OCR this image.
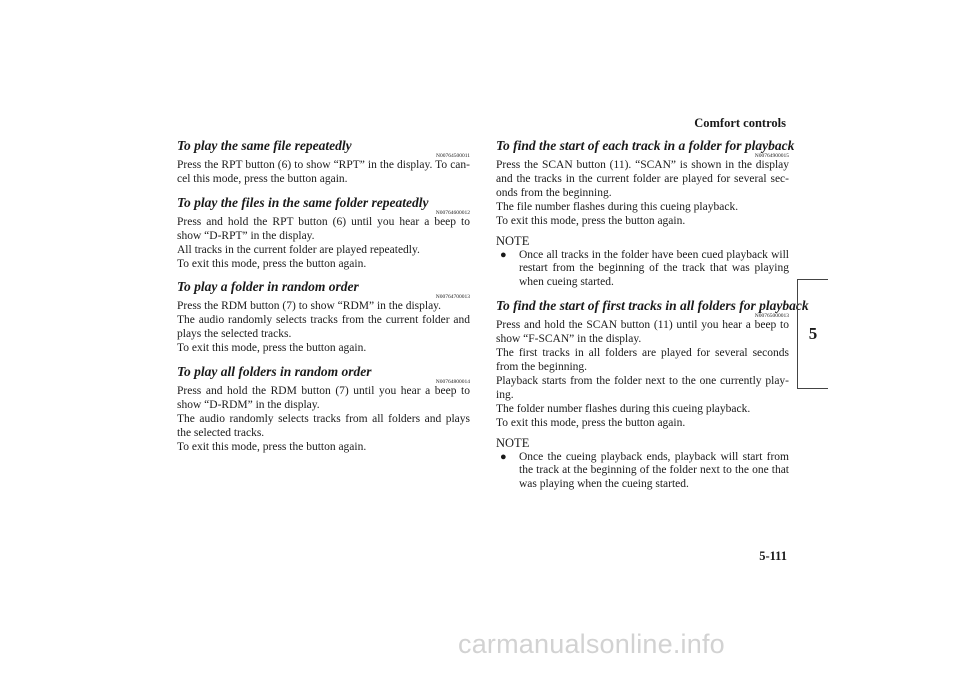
Comfort controls
To play the same file repeatedly
N00764500011

Press the RPT button (6) to show “RPT” in the display. To can-cel this mode, press the button again.

To play the files in the same folder repeatedly
N00764600012

Press and hold the RPT button (6) until you hear a beep to show “D-RPT” in the display.

All tracks in the current folder are played repeatedly.

To exit this mode, press the button again.

To play a folder in random order
N00764700013

Press the RDM button (7) to show “RDM” in the display.

The audio randomly selects tracks from the current folder and plays the selected tracks.

To exit this mode, press the button again.

To play all folders in random order
N00764800014

Press and hold the RDM button (7) until you hear a beep to show “D-RDM” in the display.

The audio randomly selects tracks from all folders and plays the selected tracks.

To exit this mode, press the button again.

To find the start of each track in a folder for playback
N00764900015

Press the SCAN button (11). “SCAN” is shown in the display and the tracks in the current folder are played for several sec-onds from the beginning.

The file number flashes during this cueing playback.

To exit this mode, press the button again.

NOTE
● Once all tracks in the folder have been cued playback will restart from the beginning of the track that was playing when cueing started.
To find the start of first tracks in all folders for playback
N00765000013

Press and hold the SCAN button (11) until you hear a beep to show “F-SCAN” in the display.

The first tracks in all folders are played for several seconds from the beginning.

Playback starts from the folder next to the one currently play-ing.

The folder number flashes during this cueing playback.

To exit this mode, press the button again.

NOTE
● Once the cueing playback ends, playback will start from the track at the beginning of the folder next to the one that was playing when the cueing started.
5
5-111
carmanualsonline.info
